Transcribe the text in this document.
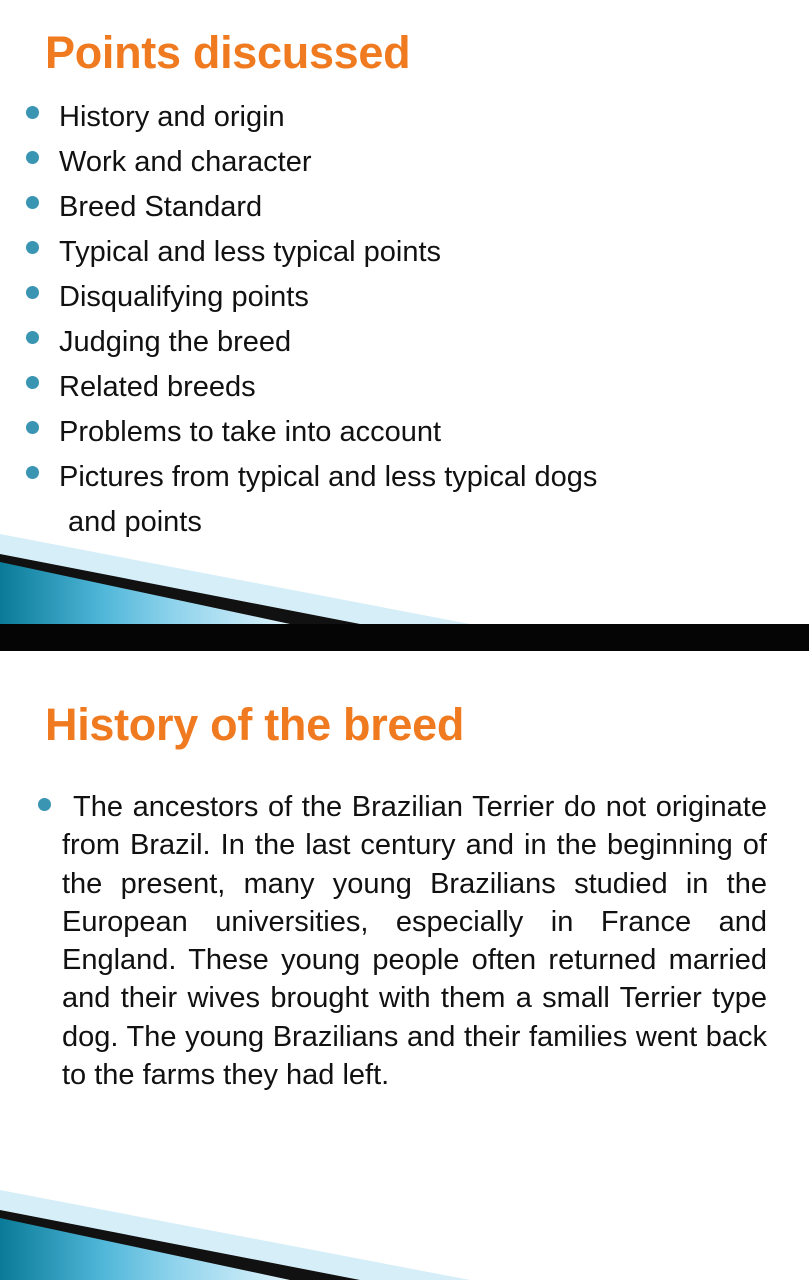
Points discussed
History and origin
Work and character
Breed Standard
Typical and less typical points
Disqualifying points
Judging the breed
Related breeds
Problems to take into account
Pictures from typical and less typical dogs
and points
History of the breed

The ancestors of the Brazilian Terrier do not originate from Brazil. In the last century and in the beginning of the present, many young Brazilians studied in the European universities, especially in France and England. These young people often returned married and their wives brought with them a small Terrier type dog. The young Brazilians and their families went back to the farms they had left.
